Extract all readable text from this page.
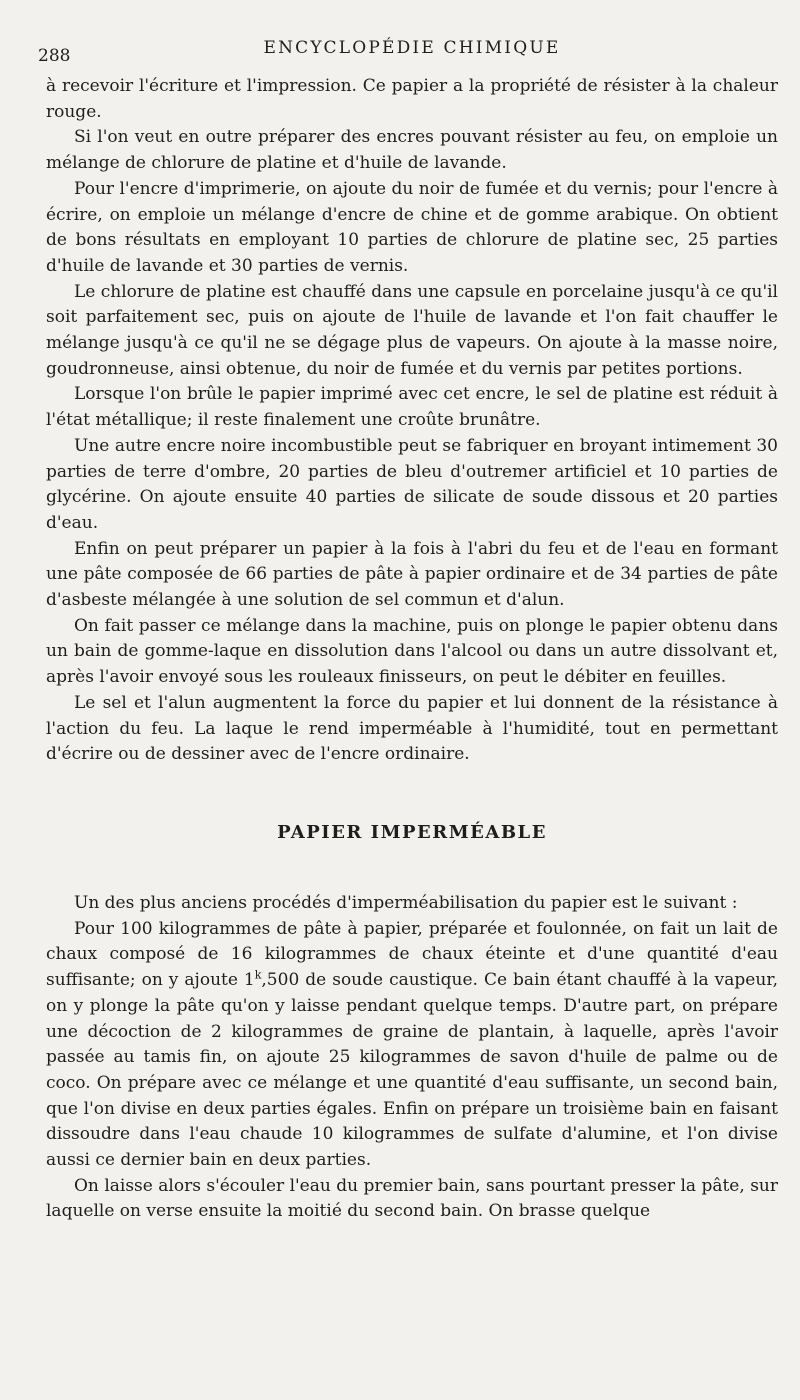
288	ENCYCLOPÉDIE CHIMIQUE

à recevoir l'écriture et l'impression. Ce papier a la propriété de résister à la chaleur rouge.

Si l'on veut en outre préparer des encres pouvant résister au feu, on emploie un mélange de chlorure de platine et d'huile de lavande.

Pour l'encre d'imprimerie, on ajoute du noir de fumée et du vernis; pour l'encre à écrire, on emploie un mélange d'encre de chine et de gomme arabique. On obtient de bons résultats en employant 10 parties de chlorure de platine sec, 25 parties d'huile de lavande et 30 parties de vernis.

Le chlorure de platine est chauffé dans une capsule en porcelaine jusqu'à ce qu'il soit parfaitement sec, puis on ajoute de l'huile de lavande et l'on fait chauffer le mélange jusqu'à ce qu'il ne se dégage plus de vapeurs. On ajoute à la masse noire, goudronneuse, ainsi obtenue, du noir de fumée et du vernis par petites portions.

Lorsque l'on brûle le papier imprimé avec cet encre, le sel de platine est réduit à l'état métallique; il reste finalement une croûte brunâtre.

Une autre encre noire incombustible peut se fabriquer en broyant intimement 30 parties de terre d'ombre, 20 parties de bleu d'outremer artificiel et 10 parties de glycérine. On ajoute ensuite 40 parties de silicate de soude dissous et 20 parties d'eau.

Enfin on peut préparer un papier à la fois à l'abri du feu et de l'eau en formant une pâte composée de 66 parties de pâte à papier ordinaire et de 34 parties de pâte d'asbeste mélangée à une solution de sel commun et d'alun.

On fait passer ce mélange dans la machine, puis on plonge le papier obtenu dans un bain de gomme-laque en dissolution dans l'alcool ou dans un autre dissolvant et, après l'avoir envoyé sous les rouleaux finisseurs, on peut le débiter en feuilles.

Le sel et l'alun augmentent la force du papier et lui donnent de la résistance à l'action du feu. La laque le rend imperméable à l'humidité, tout en permettant d'écrire ou de dessiner avec de l'encre ordinaire.

PAPIER IMPERMÉABLE

Un des plus anciens procédés d'imperméabilisation du papier est le suivant :

Pour 100 kilogrammes de pâte à papier, préparée et foulonnée, on fait un lait de chaux composé de 16 kilogrammes de chaux éteinte et d'une quantité d'eau suffisante; on y ajoute 1$^k$,500 de soude caustique. Ce bain étant chauffé à la vapeur, on y plonge la pâte qu'on y laisse pendant quelque temps. D'autre part, on prépare une décoction de 2 kilogrammes de graine de plantain, à laquelle, après l'avoir passée au tamis fin, on ajoute 25 kilogrammes de savon d'huile de palme ou de coco. On prépare avec ce mélange et une quantité d'eau suffisante, un second bain, que l'on divise en deux parties égales. Enfin on prépare un troisième bain en faisant dissoudre dans l'eau chaude 10 kilogrammes de sulfate d'alumine, et l'on divise aussi ce dernier bain en deux parties.

On laisse alors s'écouler l'eau du premier bain, sans pourtant presser la pâte, sur laquelle on verse ensuite la moitié du second bain. On brasse quelque
